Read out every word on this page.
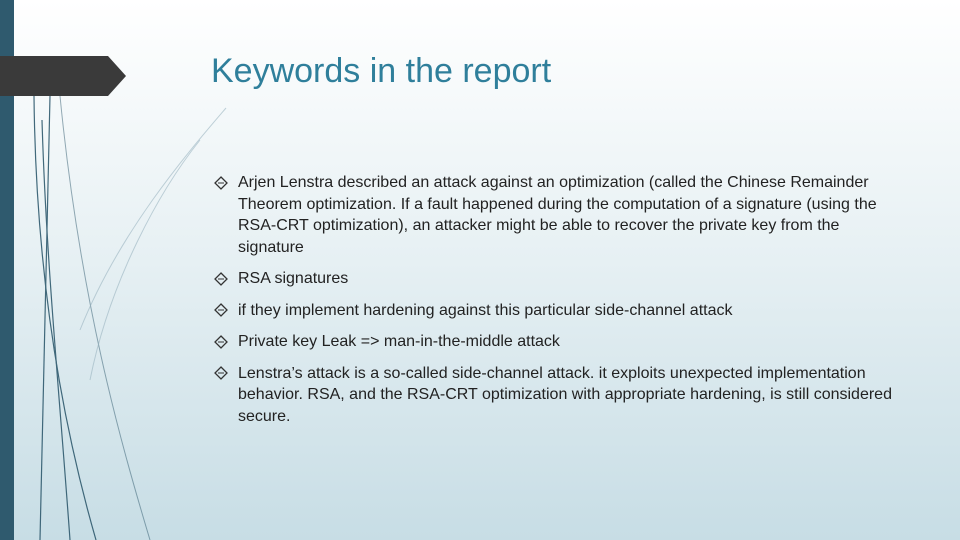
Keywords in the report
Arjen Lenstra described an attack against an optimization (called the Chinese Remainder Theorem optimization. If a fault happened during the computation of a signature (using the RSA-CRT optimization), an attacker might be able to recover the private key from the signature
RSA signatures
if they implement hardening against this particular side-channel attack
Private key Leak => man-in-the-middle attack
Lenstra’s attack is a so-called side-channel attack. it exploits unexpected implementation behavior. RSA, and the RSA-CRT optimization with appropriate hardening, is still considered secure.
